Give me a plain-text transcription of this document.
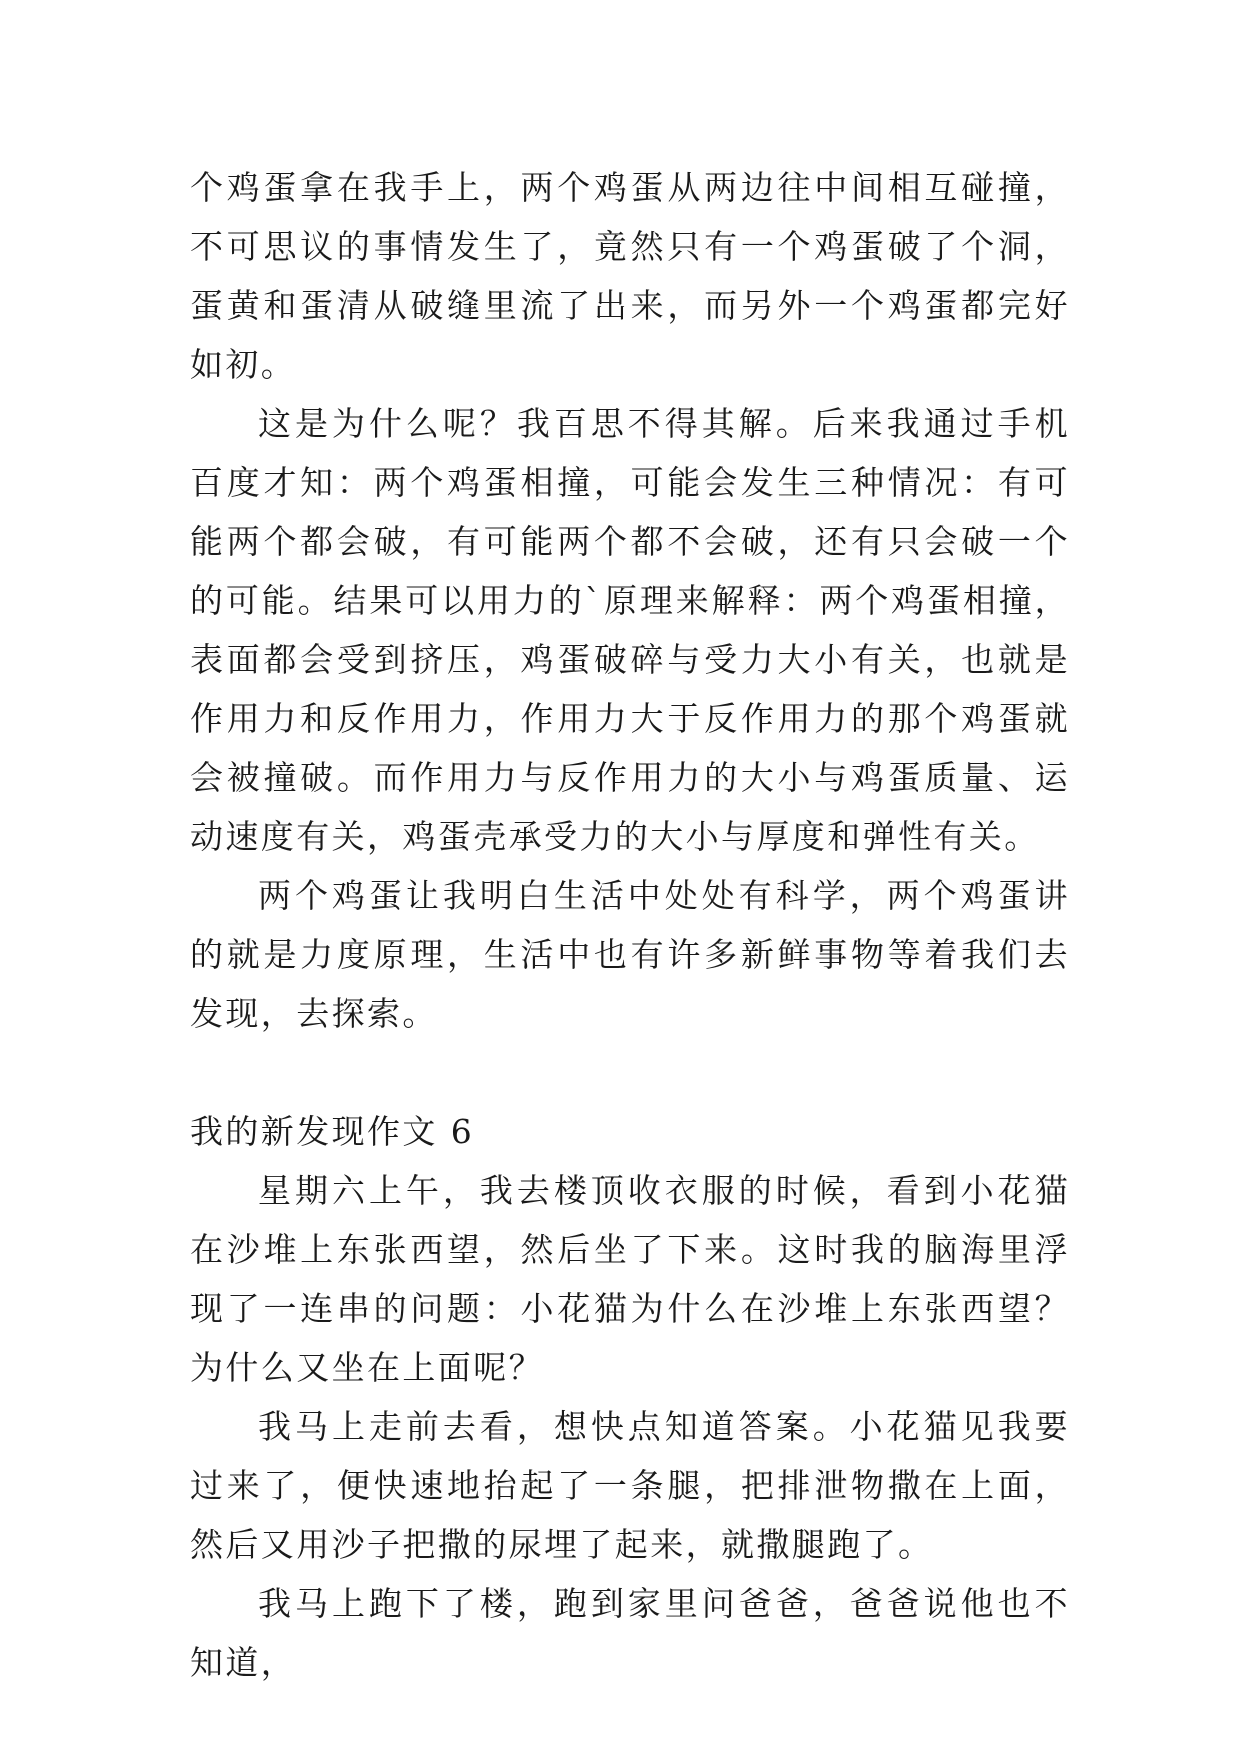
个鸡蛋拿在我手上，两个鸡蛋从两边往中间相互碰撞，不可思议的事情发生了，竟然只有一个鸡蛋破了个洞，蛋黄和蛋清从破缝里流了出来，而另外一个鸡蛋都完好如初。

这是为什么呢？我百思不得其解。后来我通过手机百度才知：两个鸡蛋相撞，可能会发生三种情况：有可能两个都会破，有可能两个都不会破，还有只会破一个的可能。结果可以用力的`原理来解释：两个鸡蛋相撞，表面都会受到挤压，鸡蛋破碎与受力大小有关，也就是作用力和反作用力，作用力大于反作用力的那个鸡蛋就会被撞破。而作用力与反作用力的大小与鸡蛋质量、运动速度有关，鸡蛋壳承受力的大小与厚度和弹性有关。

两个鸡蛋让我明白生活中处处有科学，两个鸡蛋讲的就是力度原理，生活中也有许多新鲜事物等着我们去发现，去探索。

我的新发现作文 6

星期六上午，我去楼顶收衣服的时候，看到小花猫在沙堆上东张西望，然后坐了下来。这时我的脑海里浮现了一连串的问题：小花猫为什么在沙堆上东张西望？为什么又坐在上面呢？

我马上走前去看，想快点知道答案。小花猫见我要过来了，便快速地抬起了一条腿，把排泄物撒在上面，然后又用沙子把撒的尿埋了起来，就撒腿跑了。

我马上跑下了楼，跑到家里问爸爸，爸爸说他也不知道，
